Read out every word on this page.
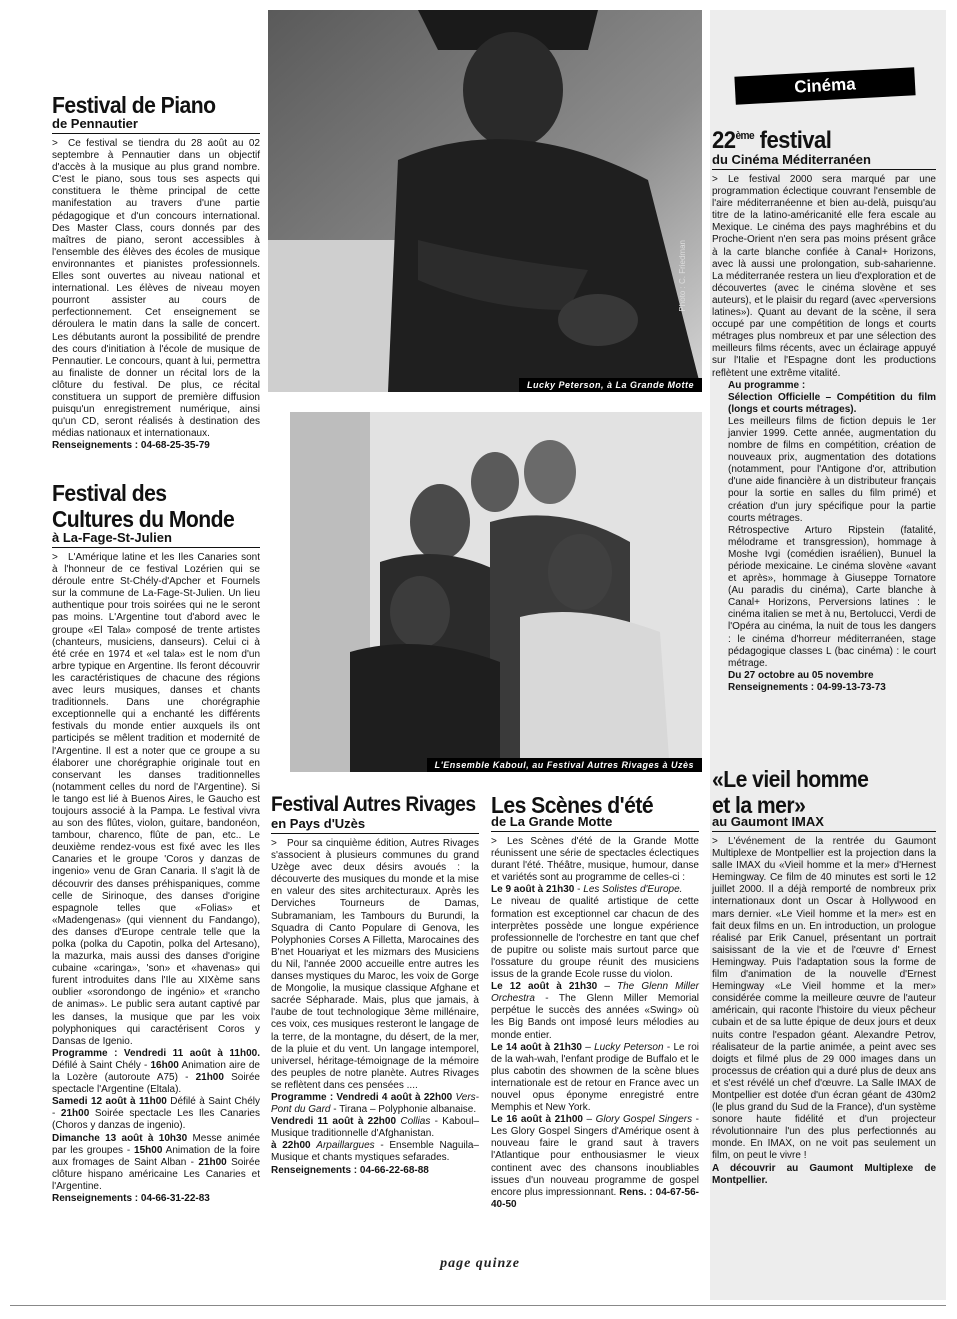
Festival de Piano
de Pennautier

> Ce festival se tiendra du 28 août au 02 septembre à Pennautier dans un objectif d'accès à la musique au plus grand nombre. C'est le piano, sous tous ses aspects qui constituera le thème principal de cette manifestation au travers d'une partie pédagogique et d'un concours international. Des Master Class, cours donnés par des maîtres de piano, seront accessibles à l'ensemble des élèves des écoles de musique environnantes et pianistes professionnels. Elles sont ouvertes au niveau national et international. Les élèves de niveau moyen pourront assister au cours de perfectionnement. Cet enseignement se déroulera le matin dans la salle de concert. Les débutants auront la possibilité de prendre des cours d'initiation à l'école de musique de Pennautier. Le concours, quant à lui, permettra au finaliste de donner un récital lors de la clôture du festival. De plus, ce récital constituera un support de première diffusion puisqu'un enregistrement numérique, ainsi qu'un CD, seront réalisés à destination des médias nationaux et internationaux.

Renseignements : 04-68-25-35-79

Festival des
Cultures du Monde
à La-Fage-St-Julien

> L'Amérique latine et les Iles Canaries sont à l'honneur de ce festival Lozérien qui se déroule entre St-Chély-d'Apcher et Fournels sur la commune de La-Fage-St-Julien. Un lieu authentique pour trois soirées qui ne le seront pas moins. L'Argentine tout d'abord avec le groupe «El Tala» composé de trente artistes (chanteurs, musiciens, danseurs). Celui ci à été crée en 1974 et «el tala» est le nom d'un arbre typique en Argentine. Ils feront découvrir les caractéristiques de chacune des régions avec leurs musiques, danses et chants traditionnels. Dans une chorégraphie exceptionnelle qui a enchanté les différents festivals du monde entier auxquels ils ont participés se mêlent tradition et modernité de l'Argentine. Il est a noter que ce groupe a su élaborer une chorégraphie originale tout en conservant les danses traditionnelles (notamment celles du nord de l'Argentine). Si le tango est lié à Buenos Aires, le Gaucho est toujours associé à la Pampa. Le festival vivra au son des flûtes, violon, guitare, bandonéon, tambour, charenco, flûte de pan, etc.. Le deuxième rendez-vous est fixé avec les Iles Canaries et le groupe 'Coros y danzas de ingenio» venu de Gran Canaria. Il s'agit là de découvrir des danses préhispaniques, comme celle de Sirinoque, des danses d'origine espagnole telles que «Folias» et «Madengenas» (qui viennent du Fandango), des danses d'Europe centrale telle que la polka (polka du Capotin, polka del Artesano), la mazurka, mais aussi des danses d'origine cubaine «caringa», 'son» et «havenas» qui furent introduites dans l'Ile au XIXème sans oublier «sorondongo de ingénio» et «rancho de animas». Le public sera autant captivé par les danses, la musique que par les voix polyphoniques qui caractérisent Coros y Dansas de Igenio.

Programme : Vendredi 11 août à 11h00. Défilé à Saint Chély - 16h00 Animation aire de la Lozère (autoroute A75) - 21h00 Soirée spectacle l'Argentine (Eltala).

Samedi 12 août à 11h00 Défilé à Saint Chély - 21h00 Soirée spectacle Les Iles Canaries (Choros y danzas de ingenio).

Dimanche 13 août à 10h30 Messe animée par les groupes - 15h00 Animation de la foire aux fromages de Saint Alban - 21h00 Soirée clôture hispano américaine Les Canaries et l'Argentine.

Renseignements : 04-66-31-22-83

Photo : C. Friedman
Lucky Peterson, à La Grande Motte
L'Ensemble Kaboul, au Festival Autres Rivages à Uzès
Festival Autres Rivages
en Pays d'Uzès

> Pour sa cinquième édition, Autres Rivages s'associent à plusieurs communes du grand Uzège avec deux désirs avoués : la découverte des musiques du monde et la mise en valeur des sites architecturaux. Après les Derviches Tourneurs de Damas, Subramaniam, les Tambours du Burundi, la Squadra di Canto Populare di Genova, les Polyphonies Corses A Filletta, Marocaines des B'net Houariyat et les mizmars des Musiciens du Nil, l'année 2000 accueille entre autres les danses mystiques du Maroc, les voix de Gorge de Mongolie, la musique classique Afghane et sacrée Sépharade. Mais, plus que jamais, à l'aube de tout technologique 3ème millénaire, ces voix, ces musiques resteront le langage de la terre, de la montagne, du désert, de la mer, de la pluie et du vent. Un langage intemporel, universel, héritage-témoignage de la mémoire des peuples de notre planète. Autres Rivages se reflètent dans ces pensées ....

Programme : Vendredi 4 août à 22h00 Vers-Pont du Gard - Tirana – Polyphonie albanaise.

Vendredi 11 août à 22h00 Collias - Kaboul– Musique traditionnelle d'Afghanistan.

à 22h00 Arpaillargues - Ensemble Naguila– Musique et chants mystiques sefarades.

Renseignements : 04-66-22-68-88

Les Scènes d'été
de La Grande Motte

> Les Scènes d'été de la Grande Motte réunissent une série de spectacles éclectiques durant l'été. Théâtre, musique, humour, danse et variétés sont au programme de celles-ci :

Le 9 août à 21h30 - Les Solistes d'Europe.

Le niveau de qualité artistique de cette formation est exceptionnel car chacun de des interprètes possède une longue expérience professionnelle de l'orchestre en tant que chef de pupitre ou soliste mais surtout parce que l'ossature du groupe réunit des musiciens issus de la grande Ecole russe du violon.

Le 12 août à 21h30 – The Glenn Miller Orchestra - The Glenn Miller Memorial perpétue le succès des années «Swing» où les Big Bands ont imposé leurs mélodies au monde entier.

Le 14 août à 21h30 – Lucky Peterson - Le roi de la wah-wah, l'enfant prodige de Buffalo et le plus cabotin des showmen de la scène blues internationale est de retour en France avec un nouvel opus éponyme enregistré entre Memphis et New York.

Le 16 août à 21h00 – Glory Gospel Singers - Les Glory Gospel Singers d'Amérique osent à nouveau faire le grand saut à travers l'Atlantique pour enthousiasmer le vieux continent avec des chansons inoubliables issues d'un nouveau programme de gospel encore plus impressionnant. Rens. : 04-67-56-40-50

Cinéma
22ème festival
du Cinéma Méditerranéen

> Le festival 2000 sera marqué par une programmation éclectique couvrant l'ensemble de l'aire méditerranéenne et bien au-delà, puisqu'au titre de la latino-américanité elle fera escale au Mexique. Le cinéma des pays maghrébins et du Proche-Orient n'en sera pas moins présent grâce à la carte blanche confiée à Canal+ Horizons, avec là aussi une prolongation, sub-saharienne. La méditerranée restera un lieu d'exploration et de découvertes (avec le cinéma slovène et ses auteurs), et le plaisir du regard (avec «perversions latines»). Quant au devant de la scène, il sera occupé par une compétition de longs et courts métrages plus nombreux et par une sélection des meilleurs films récents, avec un éclairage appuyé sur l'Italie et l'Espagne dont les productions reflètent une extrême vitalité.

Au programme :

Sélection Officielle – Compétition du film (longs et courts métrages).

Les meilleurs films de fiction depuis le 1er janvier 1999. Cette année, augmentation du nombre de films en compétition, création de nouveaux prix, augmentation des dotations (notamment, pour l'Antigone d'or, attribution d'une aide financière à un distributeur français pour la sortie en salles du film primé) et création d'un jury spécifique pour la partie courts métrages.

Rétrospective Arturo Ripstein (fatalité, mélodrame et transgression), hommage à Moshe Ivgi (comédien israélien), Bunuel la période mexicaine. Le cinéma slovène «avant et après», hommage à Giuseppe Tornatore (Au paradis du cinéma), Carte blanche à Canal+ Horizons, Perversions latines : le cinéma italien se met à nu, Bertolucci, Verdi de l'Opéra au cinéma, la nuit de tous les dangers : le cinéma d'horreur méditerranéen, stage pédagogique classes L (bac cinéma) : le court métrage.

Du 27 octobre au 05 novembre

Renseignements : 04-99-13-73-73

«Le vieil homme
et la mer»
au Gaumont IMAX

> L'événement de la rentrée du Gaumont Multiplexe de Montpellier est la projection dans la salle IMAX du «Vieil homme et la mer» d'Hernest Hemingway. Ce film de 40 minutes est sorti le 12 juillet 2000. Il a déjà remporté de nombreux prix internationaux dont un Oscar à Hollywood en mars dernier. «Le Vieil homme et la mer» est en fait deux films en un. En introduction, un prologue réalisé par Erik Canuel, présentant un portrait saisissant de la vie et de l'œuvre d' Ernest Hemingway. Puis l'adaptation sous la forme de film d'animation de la nouvelle d'Ernest Hemingway «Le Vieil homme et la mer» considérée comme la meilleure œuvre de l'auteur américain, qui raconte l'histoire du vieux pêcheur cubain et de sa lutte épique de deux jours et deux nuits contre l'espadon géant. Alexandre Petrov, réalisateur de la partie animée, a peint avec ses doigts et filmé plus de 29 000 images dans un processus de création qui a duré plus de deux ans et s'est révélé un chef d'œuvre. La Salle IMAX de Montpellier est dotée d'un écran géant de 430m2 (le plus grand du Sud de la France), d'un système sonore haute fidélité et d'un projecteur révolutionnaire l'un des plus perfectionnés au monde. En IMAX, on ne voit pas seulement un film, on peut le vivre !

A découvrir au Gaumont Multiplexe de Montpellier.

page quinze
